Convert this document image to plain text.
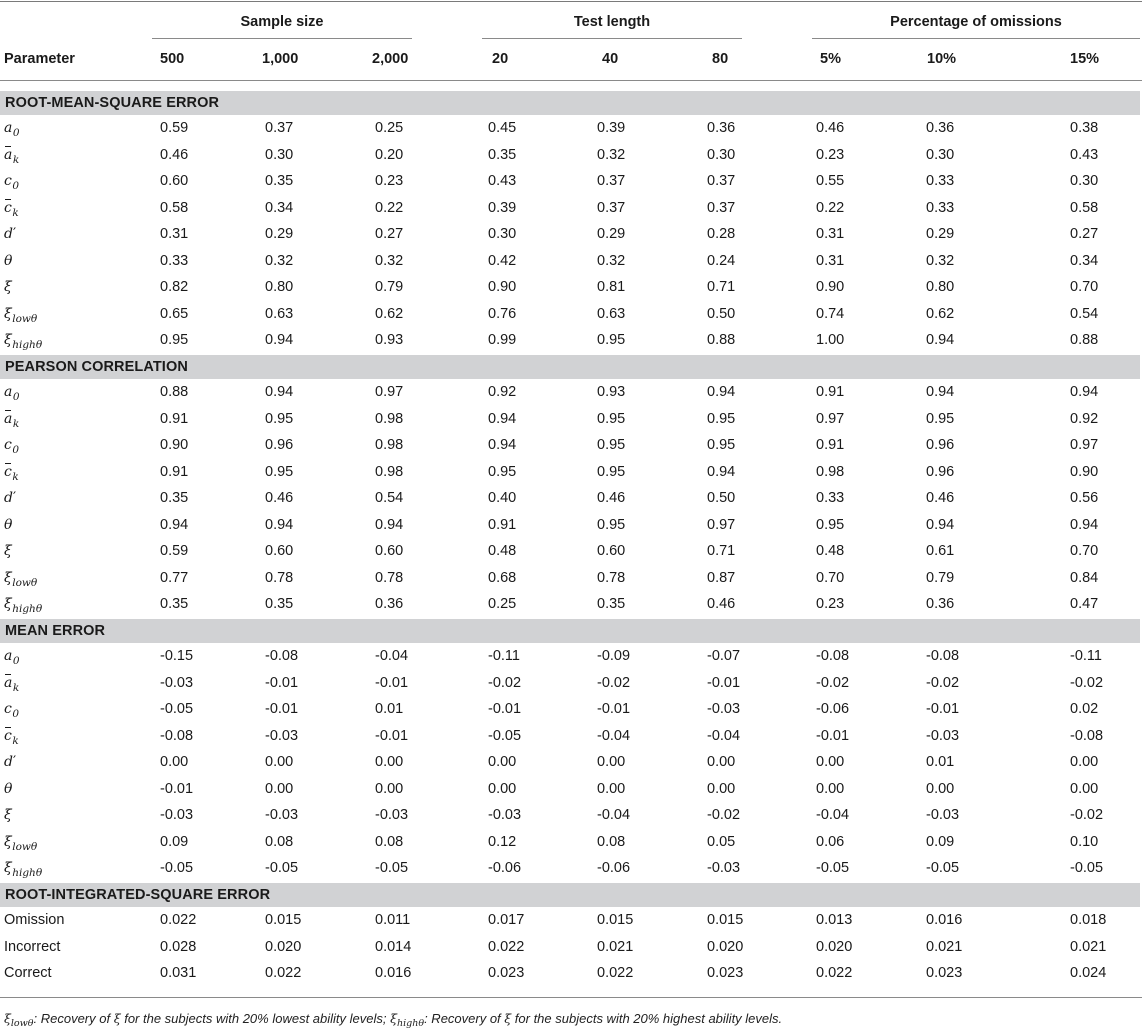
Sample size	Test length	Percentage of omissions
Parameter	500	1,000	2,000	20	40	80	5%	10%	15%
ROOT-MEAN-SQUARE ERROR
$a_0$	0.59	0.37	0.25	0.45	0.39	0.36	0.46	0.36	0.38
$a_k$	0.46	0.30	0.20	0.35	0.32	0.30	0.23	0.30	0.43
$c_0$	0.60	0.35	0.23	0.43	0.37	0.37	0.55	0.33	0.30
$c_k$	0.58	0.34	0.22	0.39	0.37	0.37	0.22	0.33	0.58
d′	0.31	0.29	0.27	0.30	0.29	0.28	0.31	0.29	0.27
θ	0.33	0.32	0.32	0.42	0.32	0.24	0.31	0.32	0.34
ξ	0.82	0.80	0.79	0.90	0.81	0.71	0.90	0.80	0.70
$\xi_{low\theta}$	0.65	0.63	0.62	0.76	0.63	0.50	0.74	0.62	0.54
$\xi_{high\theta}$	0.95	0.94	0.93	0.99	0.95	0.88	1.00	0.94	0.88
PEARSON CORRELATION
$a_0$	0.88	0.94	0.97	0.92	0.93	0.94	0.91	0.94	0.94
$a_k$	0.91	0.95	0.98	0.94	0.95	0.95	0.97	0.95	0.92
$c_0$	0.90	0.96	0.98	0.94	0.95	0.95	0.91	0.96	0.97
$c_k$	0.91	0.95	0.98	0.95	0.95	0.94	0.98	0.96	0.90
d′	0.35	0.46	0.54	0.40	0.46	0.50	0.33	0.46	0.56
θ	0.94	0.94	0.94	0.91	0.95	0.97	0.95	0.94	0.94
ξ	0.59	0.60	0.60	0.48	0.60	0.71	0.48	0.61	0.70
$\xi_{low\theta}$	0.77	0.78	0.78	0.68	0.78	0.87	0.70	0.79	0.84
$\xi_{high\theta}$	0.35	0.35	0.36	0.25	0.35	0.46	0.23	0.36	0.47
MEAN ERROR
$a_0$	-0.15	-0.08	-0.04	-0.11	-0.09	-0.07	-0.08	-0.08	-0.11
$a_k$	-0.03	-0.01	-0.01	-0.02	-0.02	-0.01	-0.02	-0.02	-0.02
$c_0$	-0.05	-0.01	0.01	-0.01	-0.01	-0.03	-0.06	-0.01	0.02
$c_k$	-0.08	-0.03	-0.01	-0.05	-0.04	-0.04	-0.01	-0.03	-0.08
d′	0.00	0.00	0.00	0.00	0.00	0.00	0.00	0.01	0.00
θ	-0.01	0.00	0.00	0.00	0.00	0.00	0.00	0.00	0.00
ξ	-0.03	-0.03	-0.03	-0.03	-0.04	-0.02	-0.04	-0.03	-0.02
$\xi_{low\theta}$	0.09	0.08	0.08	0.12	0.08	0.05	0.06	0.09	0.10
$\xi_{high\theta}$	-0.05	-0.05	-0.05	-0.06	-0.06	-0.03	-0.05	-0.05	-0.05
ROOT-INTEGRATED-SQUARE ERROR
Omission	0.022	0.015	0.011	0.017	0.015	0.015	0.013	0.016	0.018
Incorrect	0.028	0.020	0.014	0.022	0.021	0.020	0.020	0.021	0.021
Correct	0.031	0.022	0.016	0.023	0.022	0.023	0.022	0.023	0.024
$\xi_{low\theta}$: Recovery of ξ for the subjects with 20% lowest ability levels; $\xi_{high\theta}$: Recovery of ξ for the subjects with 20% highest ability levels.
